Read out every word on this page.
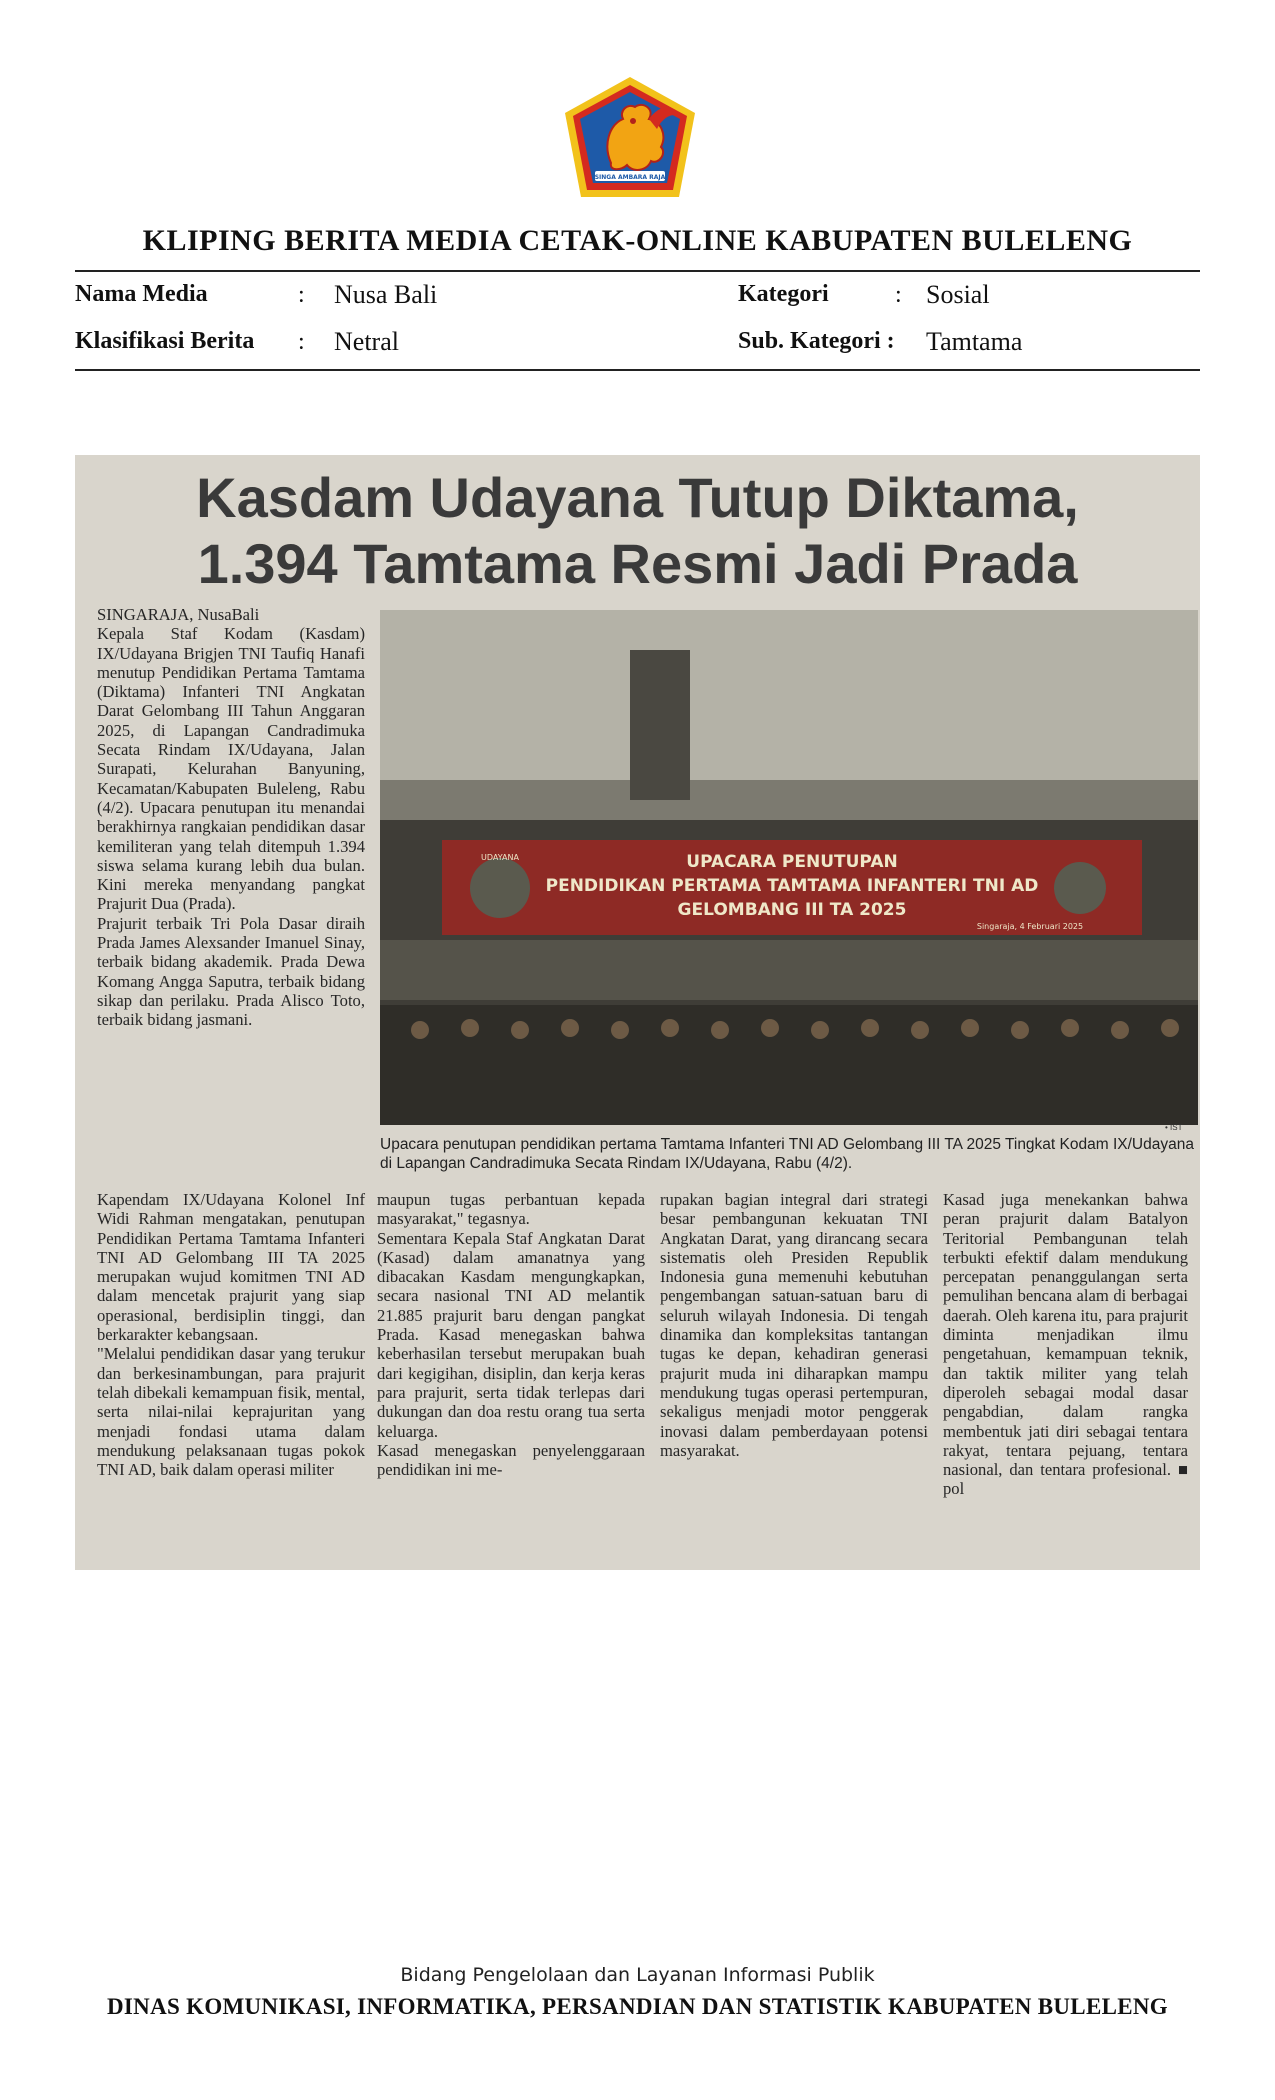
SINGA AMBARA RAJA
KLIPING BERITA MEDIA CETAK-ONLINE KABUPATEN BULELENG
Nama Media	: Nusa Bali	Kategori	: Sosial
Klasifikasi Berita : Netral	Sub. Kategori : Tamtama
Kasdam Udayana Tutup Diktama,
1.394 Tamtama Resmi Jadi Prada
SINGARAJA, NusaBali
Kepala Staf Kodam (Kasdam) IX/Udayana Brigjen TNI Taufiq Hanafi menutup Pendidikan Pertama Tamtama (Diktama) Infanteri TNI Angkatan Darat Gelombang III Tahun Anggaran 2025, di Lapangan Candradimuka Secata Rindam IX/Udayana, Jalan Surapati, Kelurahan Banyuning, Kecamatan/Kabupaten Buleleng, Rabu (4/2). Upacara penutupan itu menandai berakhirnya rangkaian pendidikan dasar kemiliteran yang telah ditempuh 1.394 siswa selama kurang lebih dua bulan. Kini mereka menyandang pangkat Prajurit Dua (Prada).
Prajurit terbaik Tri Pola Dasar diraih Prada James Alexsander Imanuel Sinay, terbaik bidang akademik. Prada Dewa Komang Angga Saputra, terbaik bidang sikap dan perilaku. Prada Alisco Toto, terbaik bidang jasmani.
UDAYANA	UPACARA PENUTUPAN
PENDIDIKAN PERTAMA TAMTAMA INFANTERI TNI AD
GELOMBANG III TA 2025
Singaraja, 4 Februari 2025
• IST
Upacara penutupan pendidikan pertama Tamtama Infanteri TNI AD Gelombang III TA 2025 Tingkat Kodam IX/Udayana di Lapangan Candradimuka Secata Rindam IX/Udayana, Rabu (4/2).
Kapendam IX/Udayana Kolonel Inf Widi Rahman mengatakan, penutupan Pendidikan Pertama Tamtama Infanteri TNI AD Gelombang III TA 2025 merupakan wujud komitmen TNI AD dalam mencetak prajurit yang siap operasional, berdisiplin tinggi, dan berkarakter kebangsaan.
"Melalui pendidikan dasar yang terukur dan berkesinambungan, para prajurit telah dibekali kemampuan fisik, mental, serta nilai-nilai keprajuritan yang menjadi fondasi utama dalam mendukung pelaksanaan tugas pokok TNI AD, baik dalam operasi militer
maupun tugas perbantuan kepada masyarakat," tegasnya.
Sementara Kepala Staf Angkatan Darat (Kasad) dalam amanatnya yang dibacakan Kasdam mengungkapkan, secara nasional TNI AD melantik 21.885 prajurit baru dengan pangkat Prada. Kasad menegaskan bahwa keberhasilan tersebut merupakan buah dari kegigihan, disiplin, dan kerja keras para prajurit, serta tidak terlepas dari dukungan dan doa restu orang tua serta keluarga.
Kasad menegaskan penyelenggaraan pendidikan ini me-
rupakan bagian integral dari strategi besar pembangunan kekuatan TNI Angkatan Darat, yang dirancang secara sistematis oleh Presiden Republik Indonesia guna memenuhi kebutuhan pengembangan satuan-satuan baru di seluruh wilayah Indonesia. Di tengah dinamika dan kompleksitas tantangan tugas ke depan, kehadiran generasi prajurit muda ini diharapkan mampu mendukung tugas operasi pertempuran, sekaligus menjadi motor penggerak inovasi dalam pemberdayaan potensi masyarakat.
Kasad juga menekankan bahwa peran prajurit dalam Batalyon Teritorial Pembangunan telah terbukti efektif dalam mendukung percepatan penanggulangan serta pemulihan bencana alam di berbagai daerah. Oleh karena itu, para prajurit diminta menjadikan ilmu pengetahuan, kemampuan teknik, dan taktik militer yang telah diperoleh sebagai modal dasar pengabdian, dalam rangka membentuk jati diri sebagai tentara rakyat, tentara pejuang, tentara nasional, dan tentara profesional. ■ pol
Bidang Pengelolaan dan Layanan Informasi Publik
DINAS KOMUNIKASI, INFORMATIKA, PERSANDIAN DAN STATISTIK KABUPATEN BULELENG
